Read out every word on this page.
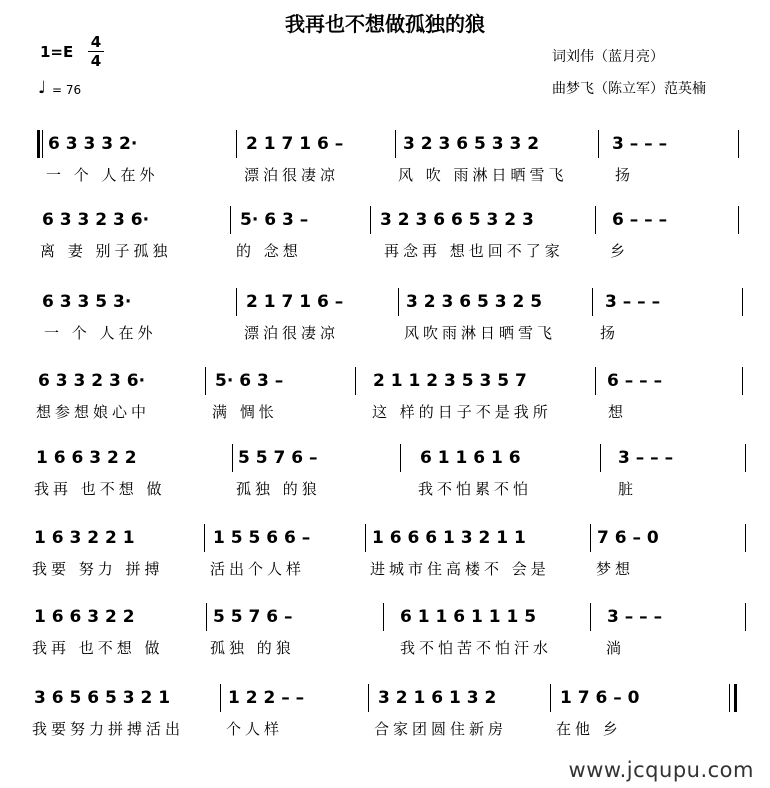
我再也不想做孤独的狼
1=E
4
4
♩ = 76
词刘伟（蓝月亮）
曲梦飞（陈立军）范英楠
6 3 3 3 2·	2 1 7 1 6 –	3 2 3 6 5 3 3 2	3 – – –
一 个 人在外	漂泊很凄凉	风 吹 雨淋日晒雪飞	扬
6 3 3 2 3 6·	5· 6 3 –	3 2 3 6 6 5 3 2 3	6 – – –
离 妻 别子孤独	的 念想	再念再 想也回不了家	乡
6 3 3 5 3·	2 1 7 1 6 –	3 2 3 6 5 3 2 5	3 – – –
一 个 人在外	漂泊很凄凉	风吹雨淋日晒雪飞	扬
6 3 3 2 3 6·	5· 6 3 –	2 1 1 2 3 5 3 5 7	6 – – –
想参想娘心中	满 惆怅	这 样的日子不是我所	想
1 6 6 3 2 2	5 5 7 6 –	6 1 1 6 1 6	3 – – –
我再 也不想 做	孤独 的狼	我不怕累不怕	脏
1 6 3 2 2 1	1 5 5 6 6 –	1 6 6 6 1 3 2 1 1	7 6 – 0
我要 努力 拼搏	活出个人样	进城市住高楼不 会是	梦想
1 6 6 3 2 2	5 5 7 6 –	6 1 1 6 1 1 1 5	3 – – –
我再 也不想 做	孤独 的狼	我不怕苦不怕汗水	淌
3 6 5 6 5 3 2 1	1 2 2 – –	3 2 1 6 1 3 2	1 7 6 – 0
我要努力拼搏活出	个人样	合家团圆住新房	在他 乡
www.jcqupu.com
